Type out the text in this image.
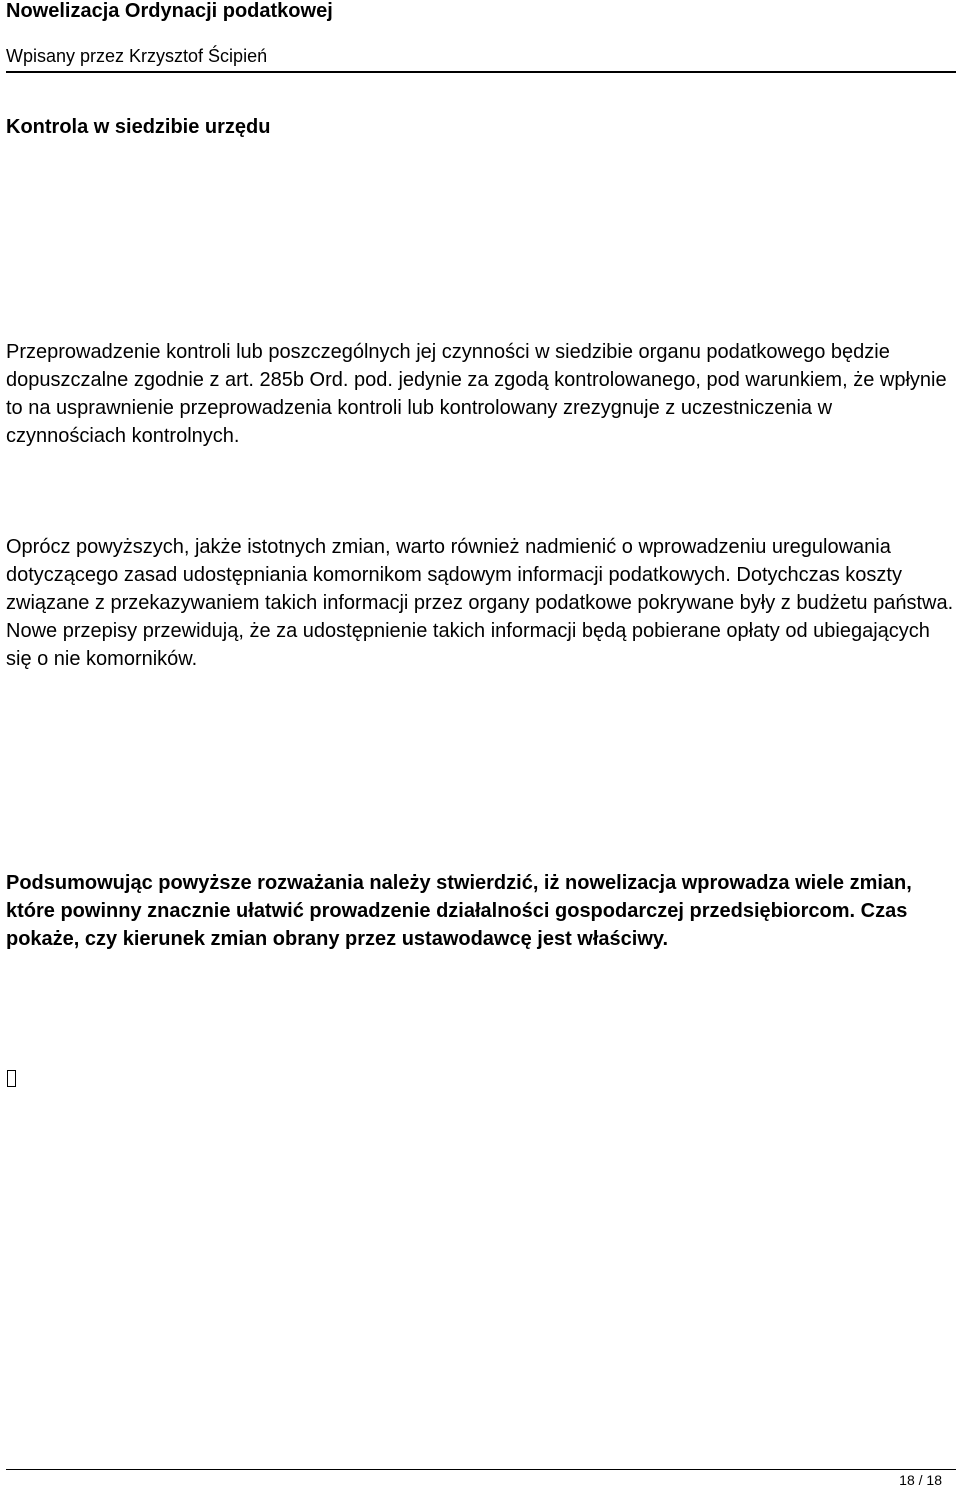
Nowelizacja Ordynacji podatkowej
Wpisany przez Krzysztof Ścipień
Kontrola w siedzibie urzędu

Przeprowadzenie kontroli lub poszczególnych jej czynności w siedzibie organu podatkowego będzie dopuszczalne zgodnie z art. 285b Ord. pod. jedynie za zgodą kontrolowanego, pod warunkiem, że wpłynie to na usprawnienie przeprowadzenia kontroli lub kontrolowany zrezygnuje z uczestniczenia w czynnościach kontrolnych.

Oprócz powyższych, jakże istotnych zmian, warto również nadmienić o wprowadzeniu uregulowania dotyczącego zasad udostępniania komornikom sądowym informacji podatkowych. Dotychczas koszty związane z przekazywaniem takich informacji przez organy podatkowe pokrywane były z budżetu państwa. Nowe przepisy przewidują, że za udostępnienie takich informacji będą pobierane opłaty od ubiegających się o nie komorników.

Podsumowując powyższe rozważania należy stwierdzić, iż nowelizacja wprowadza wiele zmian, które powinny znacznie ułatwić prowadzenie działalności gospodarczej przedsiębiorcom. Czas pokaże, czy kierunek zmian obrany przez ustawodawcę jest właściwy.

18 / 18
